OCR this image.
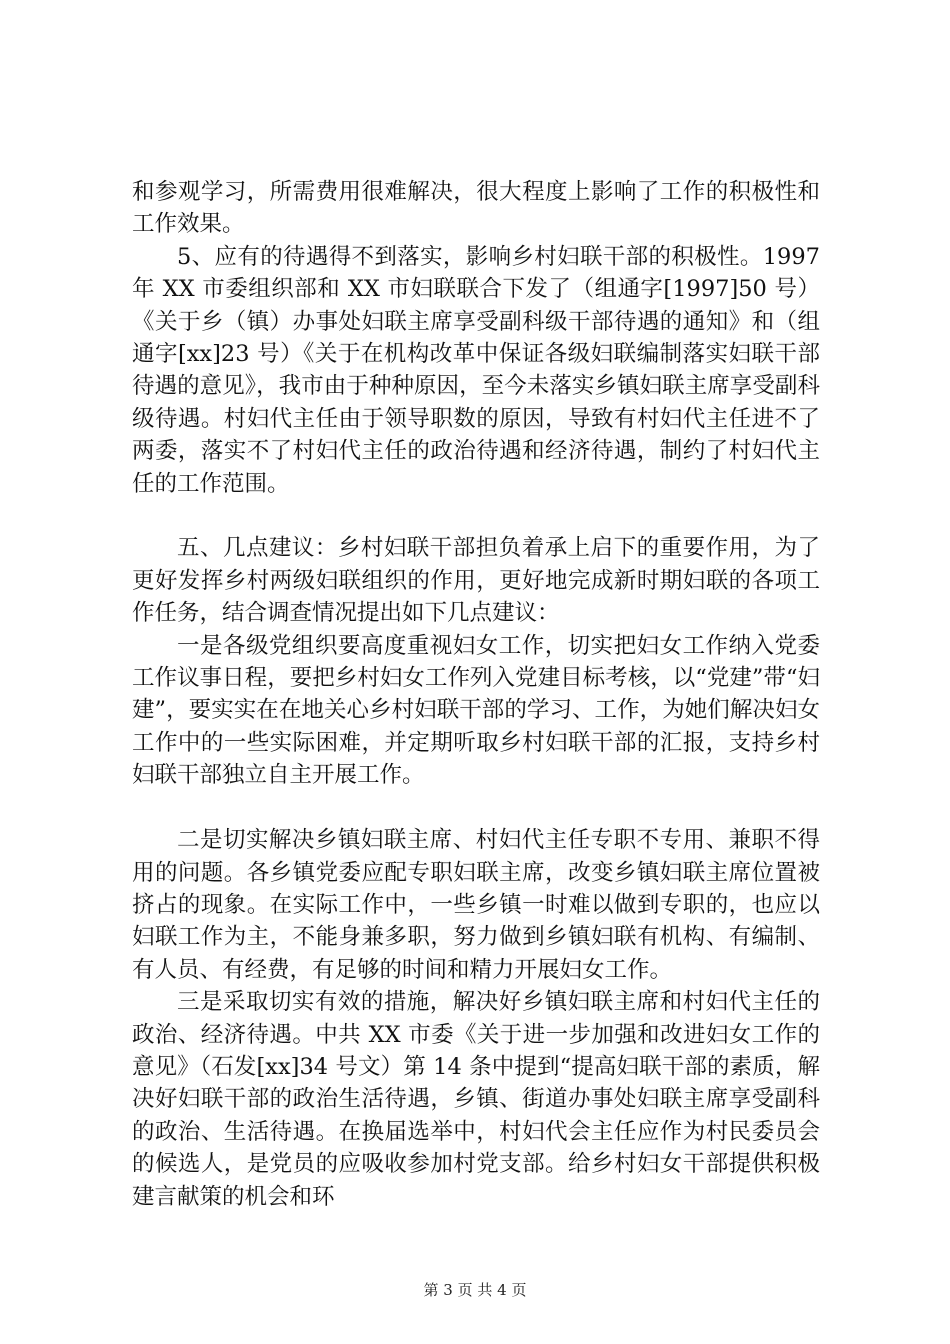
和参观学习，所需费用很难解决，很大程度上影响了工作的积极性和工作效果。

5、应有的待遇得不到落实，影响乡村妇联干部的积极性。1997 年 XX 市委组织部和 XX 市妇联联合下发了（组通字[1997]50 号）《关于乡（镇）办事处妇联主席享受副科级干部待遇的通知》和（组通字[xx]23 号）《关于在机构改革中保证各级妇联编制落实妇联干部待遇的意见》，我市由于种种原因，至今未落实乡镇妇联主席享受副科级待遇。村妇代主任由于领导职数的原因，导致有村妇代主任进不了两委，落实不了村妇代主任的政治待遇和经济待遇，制约了村妇代主任的工作范围。

五、几点建议：乡村妇联干部担负着承上启下的重要作用，为了更好发挥乡村两级妇联组织的作用，更好地完成新时期妇联的各项工作任务，结合调查情况提出如下几点建议：

一是各级党组织要高度重视妇女工作，切实把妇女工作纳入党委工作议事日程，要把乡村妇女工作列入党建目标考核，以“党建”带“妇建”，要实实在在地关心乡村妇联干部的学习、工作，为她们解决妇女工作中的一些实际困难，并定期听取乡村妇联干部的汇报，支持乡村妇联干部独立自主开展工作。

二是切实解决乡镇妇联主席、村妇代主任专职不专用、兼职不得用的问题。各乡镇党委应配专职妇联主席，改变乡镇妇联主席位置被挤占的现象。在实际工作中，一些乡镇一时难以做到专职的，也应以妇联工作为主，不能身兼多职，努力做到乡镇妇联有机构、有编制、有人员、有经费，有足够的时间和精力开展妇女工作。

三是采取切实有效的措施，解决好乡镇妇联主席和村妇代主任的政治、经济待遇。中共 XX 市委《关于进一步加强和改进妇女工作的意见》（石发[xx]34 号文）第 14 条中提到“提高妇联干部的素质，解决好妇联干部的政治生活待遇，乡镇、街道办事处妇联主席享受副科的政治、生活待遇。在换届选举中，村妇代会主任应作为村民委员会的候选人，是党员的应吸收参加村党支部。给乡村妇女干部提供积极建言献策的机会和环

第 3 页 共 4 页
